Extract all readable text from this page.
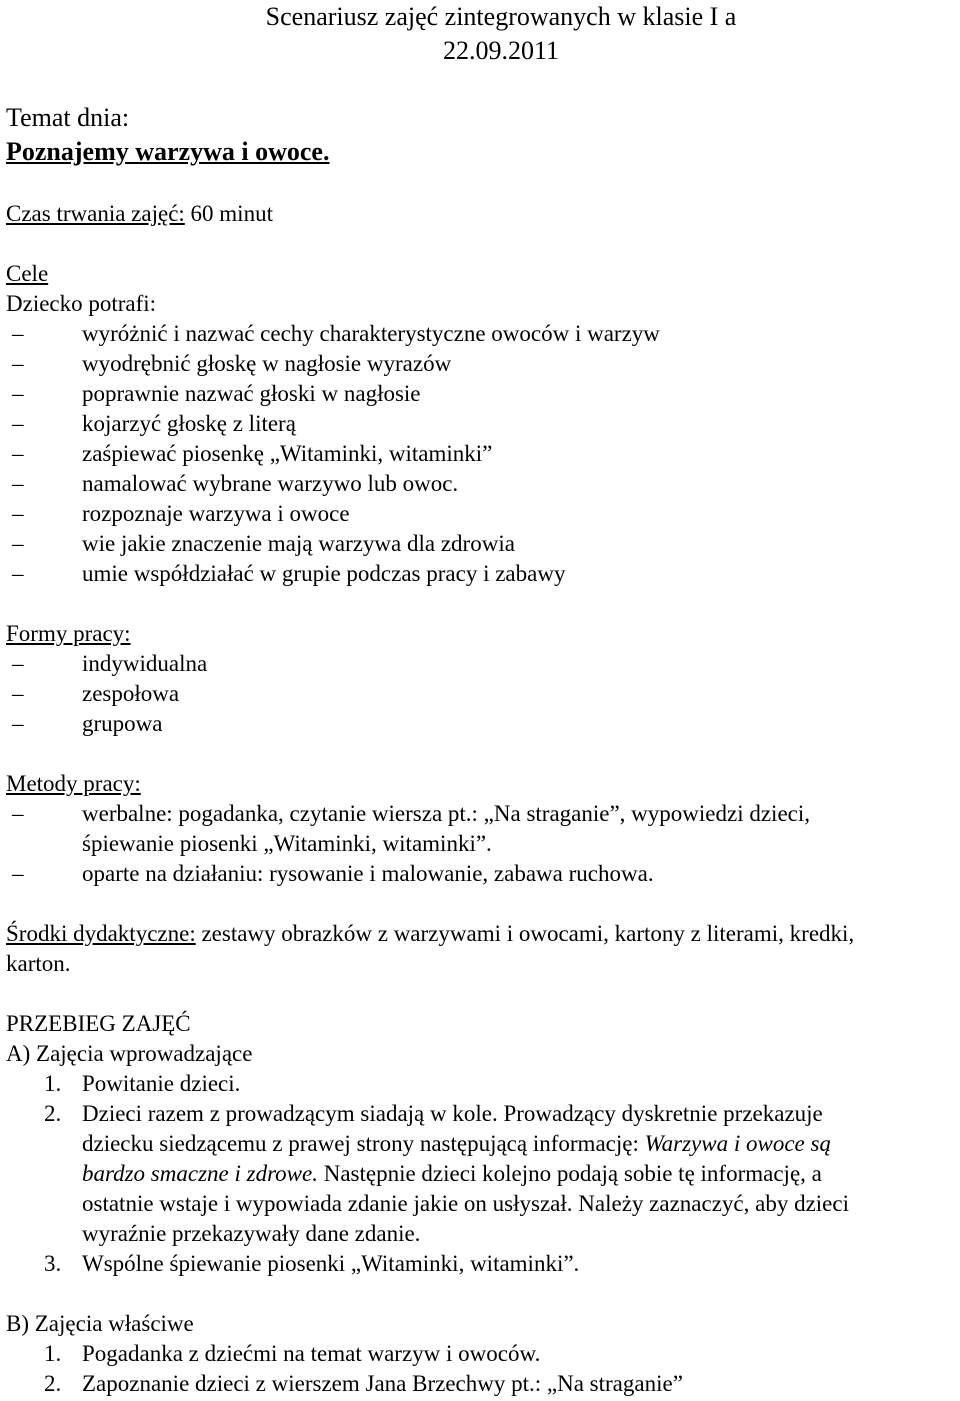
Scenariusz zajęć zintegrowanych w klasie I a
22.09.2011
Temat dnia:
Poznajemy warzywa i owoce.
Czas trwania zajęć: 60 minut
Cele
Dziecko potrafi:
–	wyróżnić i nazwać cechy charakterystyczne owoców i warzyw
–	wyodrębnić głoskę w nagłosie wyrazów
–	poprawnie nazwać głoski w nagłosie
–	kojarzyć głoskę z literą
–	zaśpiewać piosenkę „Witaminki, witaminki”
–	namalować wybrane warzywo lub owoc.
–	rozpoznaje warzywa i owoce
–	wie jakie znaczenie mają warzywa dla zdrowia
–	umie współdziałać w grupie podczas pracy i zabawy
Formy pracy:
–	indywidualna
–	zespołowa
–	grupowa
Metody pracy:
–	werbalne: pogadanka, czytanie wiersza pt.: „Na straganie”, wypowiedzi dzieci,
śpiewanie piosenki „Witaminki, witaminki”.
–	oparte na działaniu: rysowanie i malowanie, zabawa ruchowa.
Środki dydaktyczne: zestawy obrazków z warzywami i owocami, kartony z literami, kredki,
karton.
PRZEBIEG ZAJĘĆ
A) Zajęcia wprowadzające
1. Powitanie dzieci.
2. Dzieci razem z prowadzącym siadają w kole. Prowadzący dyskretnie przekazuje
dziecku siedzącemu z prawej strony następującą informację: Warzywa i owoce są
bardzo smaczne i zdrowe. Następnie dzieci kolejno podają sobie tę informację, a
ostatnie wstaje i wypowiada zdanie jakie on usłyszał. Należy zaznaczyć, aby dzieci
wyraźnie przekazywały dane zdanie.
3. Wspólne śpiewanie piosenki „Witaminki, witaminki”.
B) Zajęcia właściwe
1. Pogadanka z dziećmi na temat warzyw i owoców.
2. Zapoznanie dzieci z wierszem Jana Brzechwy pt.: „Na straganie”
